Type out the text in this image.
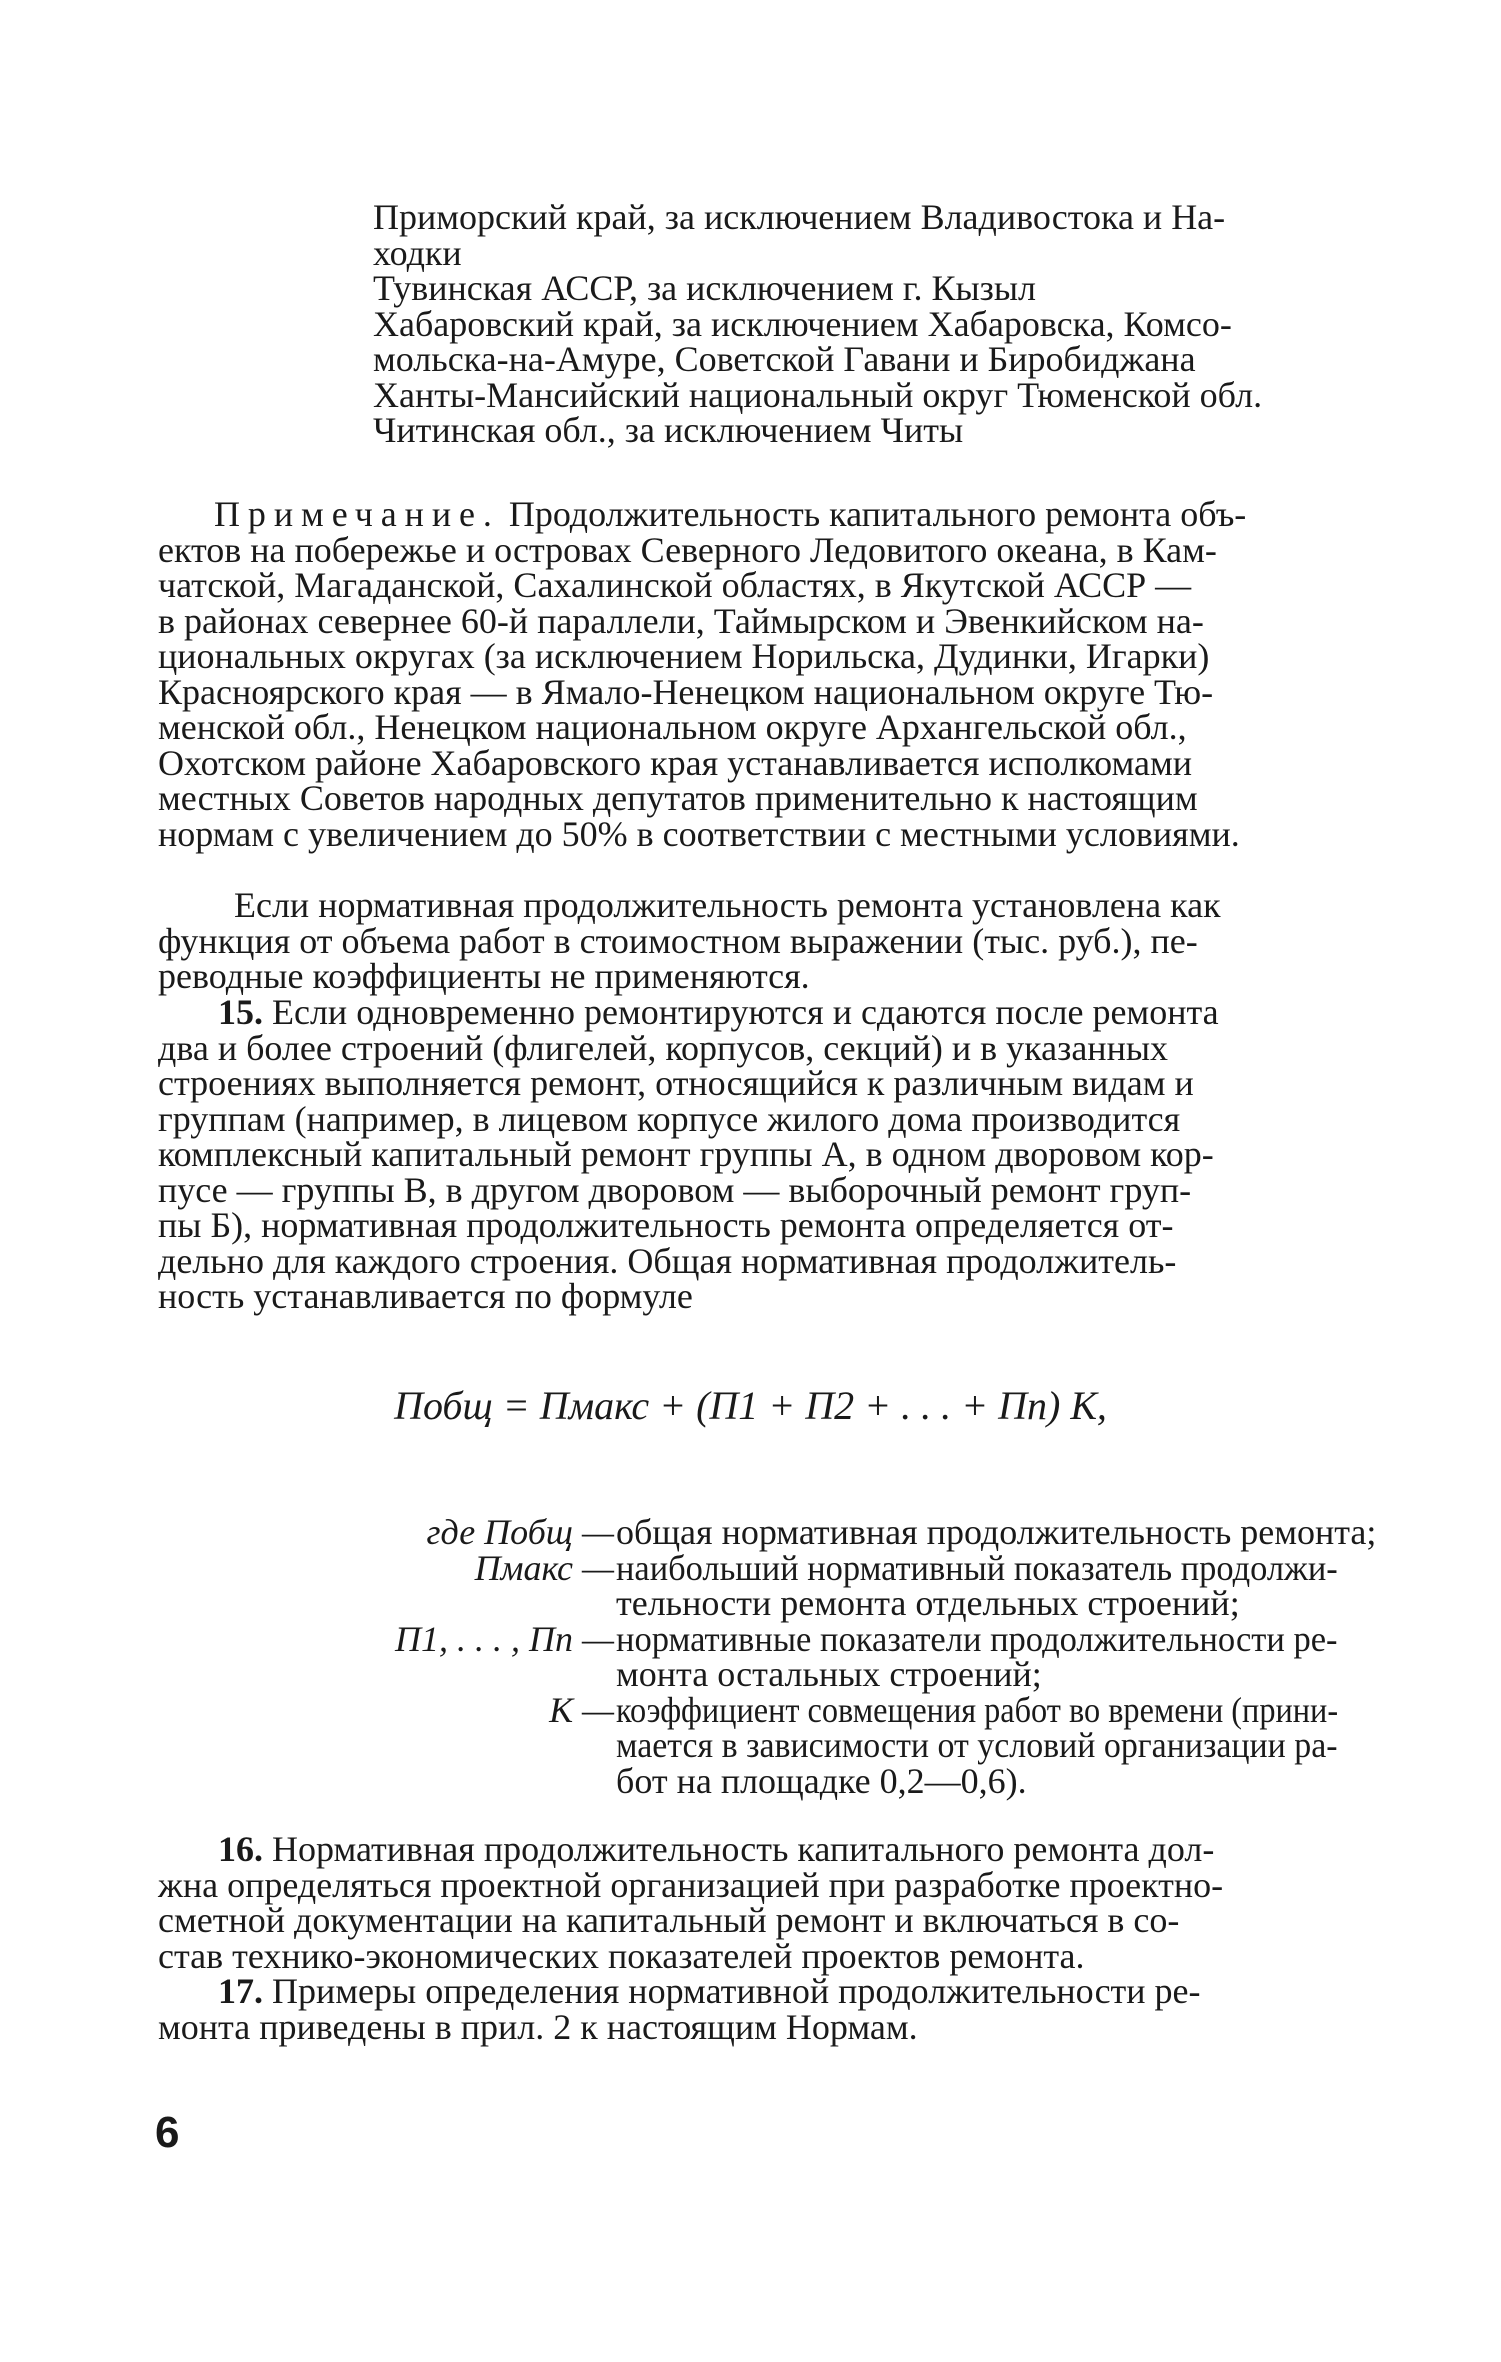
Приморский край, за исключением Владивостока и На-
ходки
Тувинская АССР, за исключением г. Кызыл
Хабаровский край, за исключением Хабаровска, Комсо-
мольска-на-Амуре, Советской Гавани и Биробиджана
Ханты-Мансийский национальный округ Тюменской обл.
Читинская обл., за исключением Читы
Примечание. Продолжительность капитального ремонта объ-
ектов на побережье и островах Северного Ледовитого океана, в Кам-
чатской, Магаданской, Сахалинской областях, в Якутской АССР —
в районах севернее 60-й параллели, Таймырском и Эвенкийском на-
циональных округах (за исключением Норильска, Дудинки, Игарки)
Красноярского края — в Ямало-Ненецком национальном округе Тю-
менской обл., Ненецком национальном округе Архангельской обл.,
Охотском районе Хабаровского края устанавливается исполкомами
местных Советов народных депутатов применительно к настоящим
нормам с увеличением до 50% в соответствии с местными условиями.
Если нормативная продолжительность ремонта установлена как
функция от объема работ в стоимостном выражении (тыс. руб.), пе-
реводные коэффициенты не применяются.
15. Если одновременно ремонтируются и сдаются после ремонта
два и более строений (флигелей, корпусов, секций) и в указанных
строениях выполняется ремонт, относящийся к различным видам и
группам (например, в лицевом корпусе жилого дома производится
комплексный капитальный ремонт группы А, в одном дворовом кор-
пусе — группы В, в другом дворовом — выборочный ремонт груп-
пы Б), нормативная продолжительность ремонта определяется от-
дельно для каждого строения. Общая нормативная продолжитель-
ность устанавливается по формуле
Побщ = Пмакс + (П1 + П2 + . . . + Пn) К,
где Побщ — общая нормативная продолжительность ремонта;
Пмакс — наибольший нормативный показатель продолжи-
тельности ремонта отдельных строений;
П1, . . . , Пn — нормативные показатели продолжительности ре-
монта остальных строений;
К — коэффициент совмещения работ во времени (прини-
мается в зависимости от условий организации ра-
бот на площадке 0,2—0,6).
16. Нормативная продолжительность капитального ремонта дол-
жна определяться проектной организацией при разработке проектно-
сметной документации на капитальный ремонт и включаться в со-
став технико-экономических показателей проектов ремонта.
17. Примеры определения нормативной продолжительности ре-
монта приведены в прил. 2 к настоящим Нормам.
6
